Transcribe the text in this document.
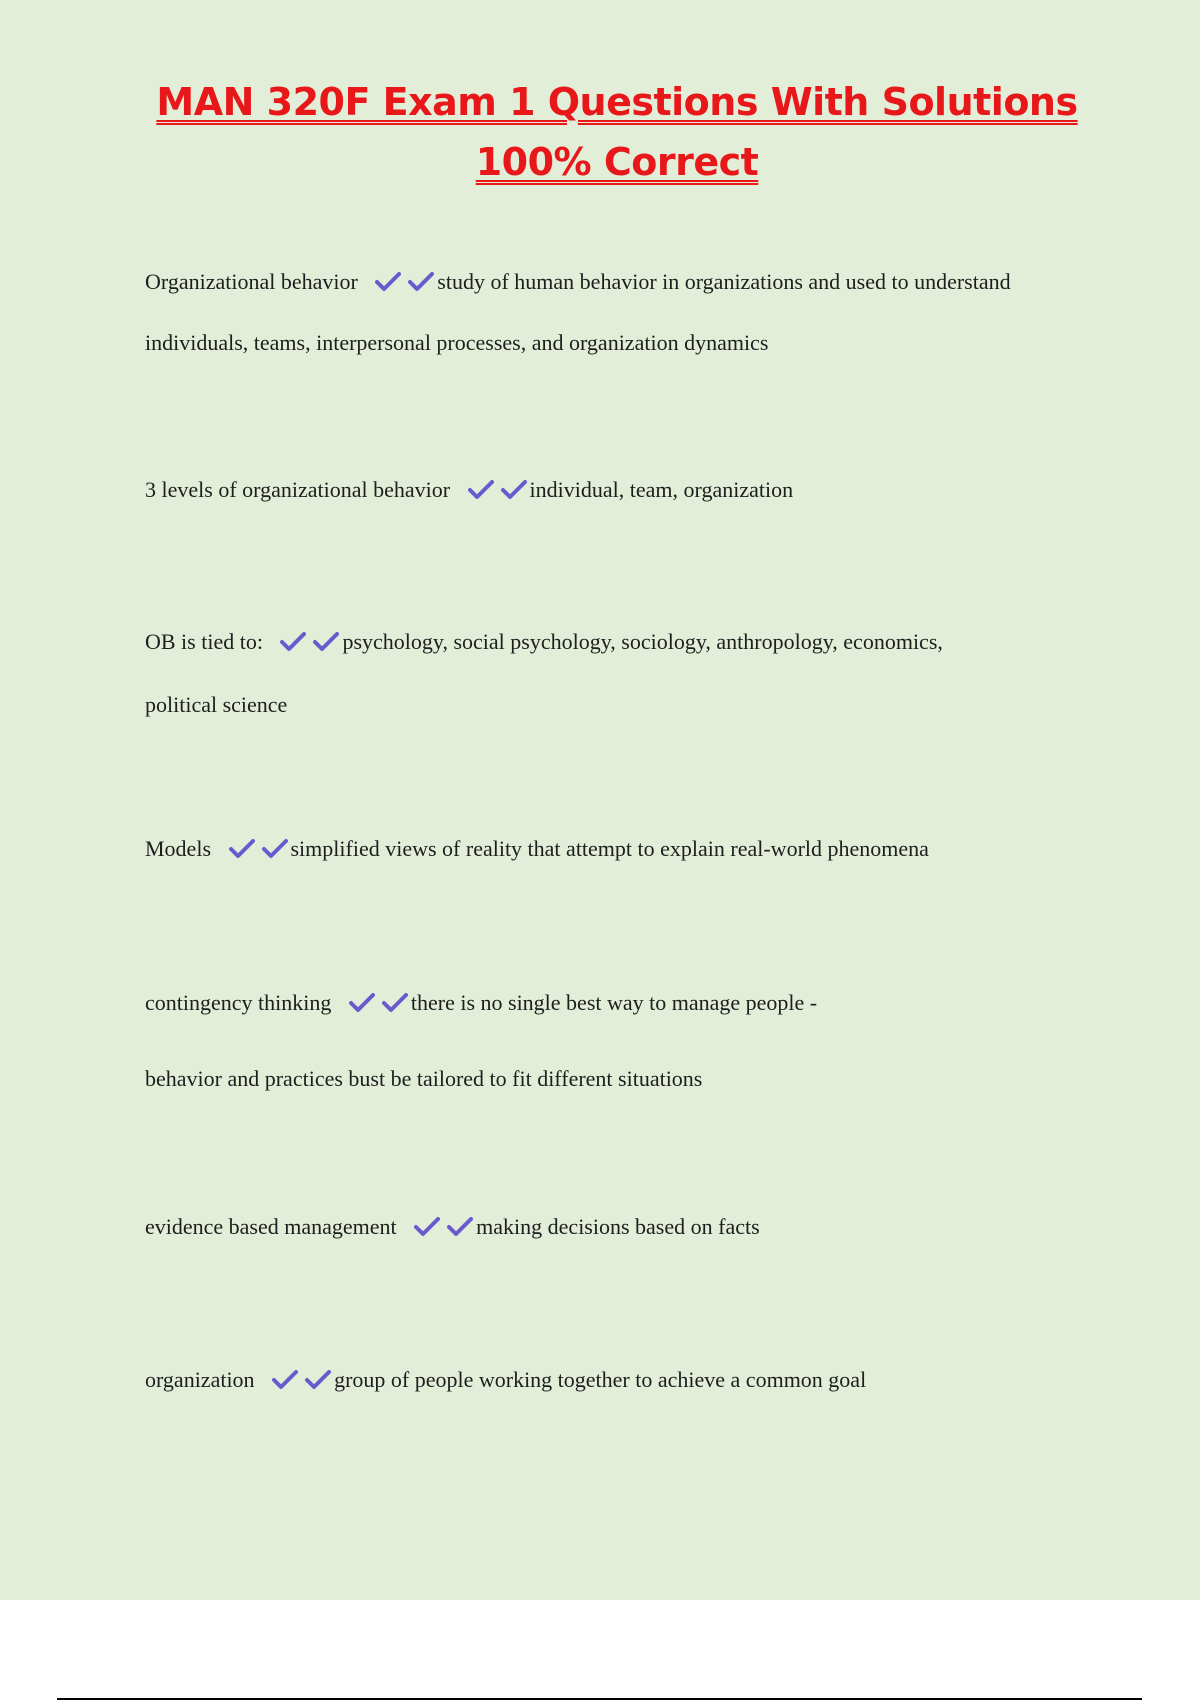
MAN 320F Exam 1 Questions With Solutions
100% Correct
Organizational behavior	study of human behavior in organizations and used to understand
individuals, teams, interpersonal processes, and organization dynamics
3 levels of organizational behavior	individual, team, organization
OB is tied to:	psychology, social psychology, sociology, anthropology, economics,
political science
Models	simplified views of reality that attempt to explain real-world phenomena
contingency thinking	there is no single best way to manage people -
behavior and practices bust be tailored to fit different situations
evidence based management	making decisions based on facts
organization	group of people working together to achieve a common goal
